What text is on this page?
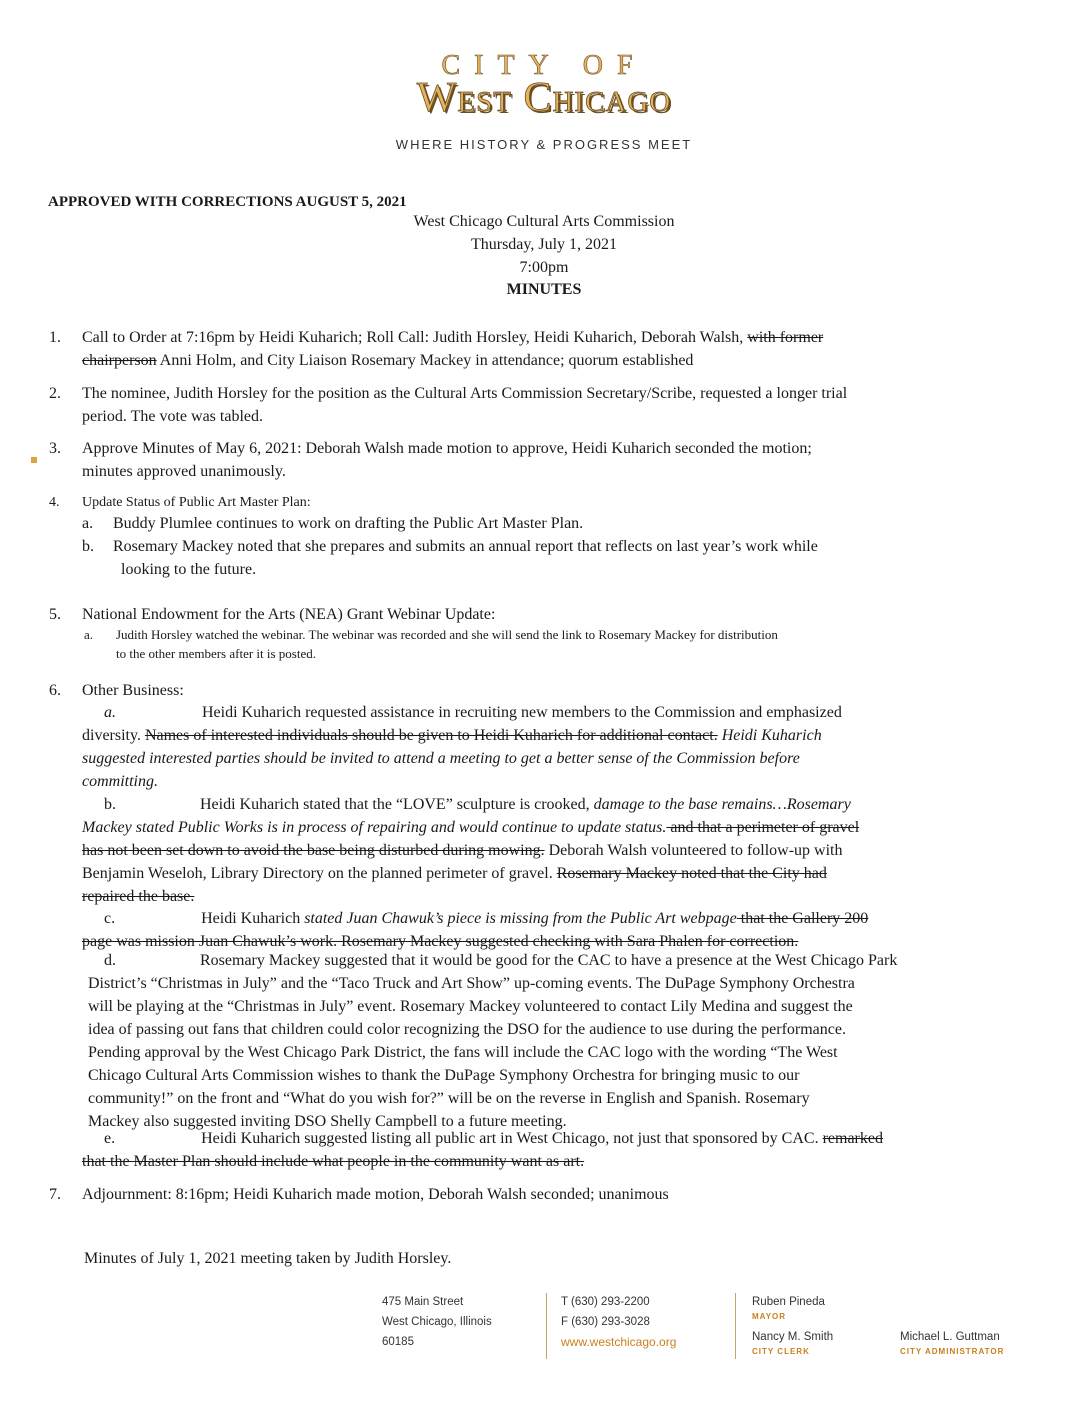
CITY OF
West Chicago
WHERE HISTORY & PROGRESS MEET
APPROVED WITH CORRECTIONS AUGUST 5, 2021
West Chicago Cultural Arts Commission
Thursday, July 1, 2021
7:00pm
MINUTES
1. Call to Order at 7:16pm by Heidi Kuharich; Roll Call: Judith Horsley, Heidi Kuharich, Deborah Walsh, with former
chairperson Anni Holm, and City Liaison Rosemary Mackey in attendance; quorum established
2. The nominee, Judith Horsley for the position as the Cultural Arts Commission Secretary/Scribe, requested a longer trial
period. The vote was tabled.
3. Approve Minutes of May 6, 2021: Deborah Walsh made motion to approve, Heidi Kuharich seconded the motion;
minutes approved unanimously.
4. Update Status of Public Art Master Plan:
a. Buddy Plumlee continues to work on drafting the Public Art Master Plan.
b. Rosemary Mackey noted that she prepares and submits an annual report that reflects on last year’s work while
looking to the future.
5. National Endowment for the Arts (NEA) Grant Webinar Update:
a. Judith Horsley watched the webinar. The webinar was recorded and she will send the link to Rosemary Mackey for distribution
to the other members after it is posted.
6. Other Business:
a.	Heidi Kuharich requested assistance in recruiting new members to the Commission and emphasized
diversity. Names of interested individuals should be given to Heidi Kuharich for additional contact. Heidi Kuharich
suggested interested parties should be invited to attend a meeting to get a better sense of the Commission before
committing.
b.	Heidi Kuharich stated that the “LOVE” sculpture is crooked, damage to the base remains…Rosemary
Mackey stated Public Works is in process of repairing and would continue to update status. and that a perimeter of gravel
has not been set down to avoid the base being disturbed during mowing. Deborah Walsh volunteered to follow-up with
Benjamin Weseloh, Library Directory on the planned perimeter of gravel. Rosemary Mackey noted that the City had
repaired the base.
c.	Heidi Kuharich stated Juan Chawuk’s piece is missing from the Public Art webpage that the Gallery 200
page was mission Juan Chawuk’s work. Rosemary Mackey suggested checking with Sara Phalen for correction.
d.	Rosemary Mackey suggested that it would be good for the CAC to have a presence at the West Chicago Park
District’s “Christmas in July” and the “Taco Truck and Art Show” up-coming events. The DuPage Symphony Orchestra
will be playing at the “Christmas in July” event. Rosemary Mackey volunteered to contact Lily Medina and suggest the
idea of passing out fans that children could color recognizing the DSO for the audience to use during the performance.
Pending approval by the West Chicago Park District, the fans will include the CAC logo with the wording “The West
Chicago Cultural Arts Commission wishes to thank the DuPage Symphony Orchestra for bringing music to our
community!” on the front and “What do you wish for?” will be on the reverse in English and Spanish. Rosemary
Mackey also suggested inviting DSO Shelly Campbell to a future meeting.
e.	Heidi Kuharich suggested listing all public art in West Chicago, not just that sponsored by CAC. remarked
that the Master Plan should include what people in the community want as art.
7. Adjournment: 8:16pm; Heidi Kuharich made motion, Deborah Walsh seconded; unanimous
Minutes of July 1, 2021 meeting taken by Judith Horsley.
475 Main Street
West Chicago, Illinois
60185
T (630) 293-2200
F (630) 293-3028
www.westchicago.org
Ruben Pineda
MAYOR
Nancy M. Smith
CITY CLERK
Michael L. Guttman
CITY ADMINISTRATOR
